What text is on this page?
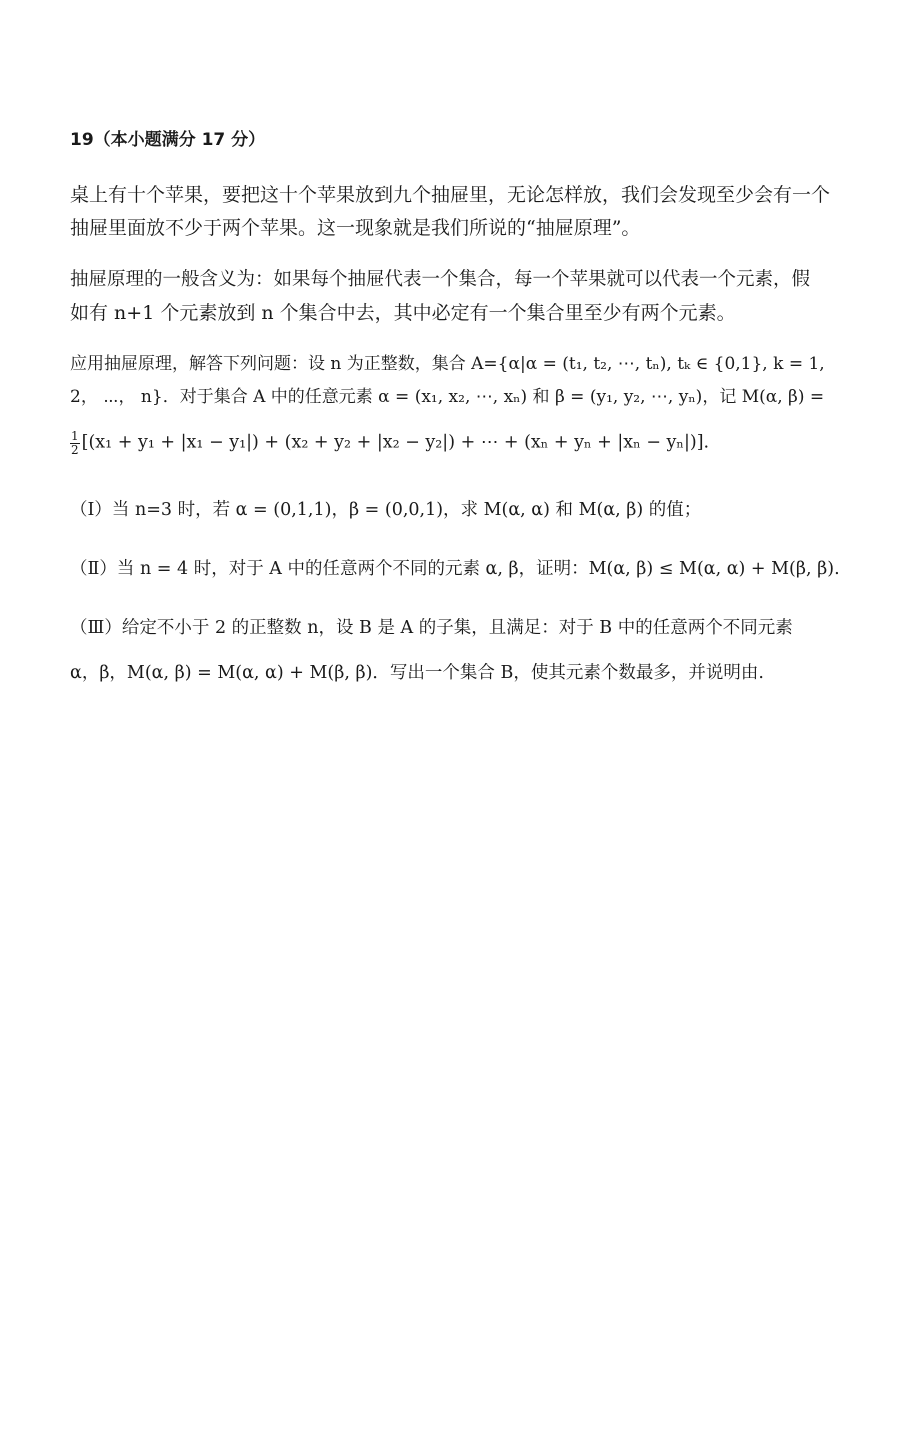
19（本小题满分 17 分）
桌上有十个苹果，要把这十个苹果放到九个抽屉里，无论怎样放，我们会发现至少会有一个
抽屉里面放不少于两个苹果。这一现象就是我们所说的“抽屉原理”。
抽屉原理的一般含义为：如果每个抽屉代表一个集合，每一个苹果就可以代表一个元素，假
如有 n+1 个元素放到 n 个集合中去，其中必定有一个集合里至少有两个元素。
应用抽屉原理，解答下列问题：设 n 为正整数，集合 A={α|α = (t₁, t₂, ⋯, tₙ), tₖ ∈ {0,1}, k = 1,
2， ⋯， n}．对于集合 A 中的任意元素 α = (x₁, x₂, ⋯, xₙ) 和 β = (y₁, y₂, ⋯, yₙ)，记 M(α, β) =
$\frac{1}{2} [(x_1 + y_1 + |x_1 - y_1|) + (x_2 + y_2 + |x_2 - y_2|)$ + ⋯ + (xₙ + yₙ + |xₙ − yₙ|)].
（Ⅰ）当 n=3 时，若 α = (0,1,1)，β = (0,0,1)，求 M(α, α) 和 M(α, β) 的值；
（Ⅱ）当 n = 4 时，对于 A 中的任意两个不同的元素 α, β，证明：M(α, β) ≤ M(α, α) + M(β, β).
（Ⅲ）给定不小于 2 的正整数 n，设 B 是 A 的子集，且满足：对于 B 中的任意两个不同元素
α，β，M(α, β) = M(α, α) + M(β, β)．写出一个集合 B，使其元素个数最多，并说明由.
